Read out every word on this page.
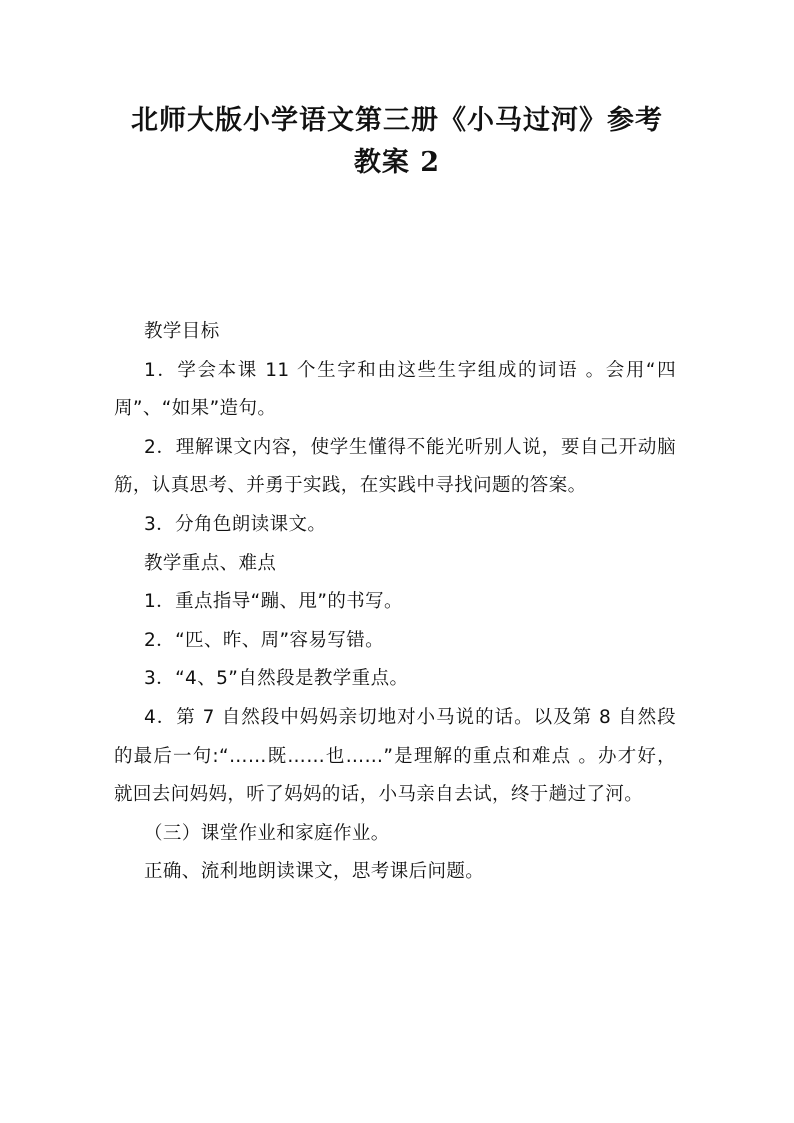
北师大版小学语文第三册《小马过河》参考
教案 2

教学目标

1．学会本课 11 个生字和由这些生字组成的词语 。会用“四周”、“如果”造句。

2．理解课文内容，使学生懂得不能光听别人说，要自己开动脑筋，认真思考、并勇于实践，在实践中寻找问题的答案。

3．分角色朗读课文。

教学重点、难点

1．重点指导“蹦、甩”的书写。

2．“匹、昨、周”容易写错。

3．“4、5”自然段是教学重点。

4．第 7 自然段中妈妈亲切地对小马说的话。以及第 8 自然段的最后一句:“……既……也……”是理解的重点和难点 。办才好，就回去问妈妈，听了妈妈的话，小马亲自去试，终于趟过了河。

（三）课堂作业和家庭作业。

正确、流利地朗读课文，思考课后问题。
